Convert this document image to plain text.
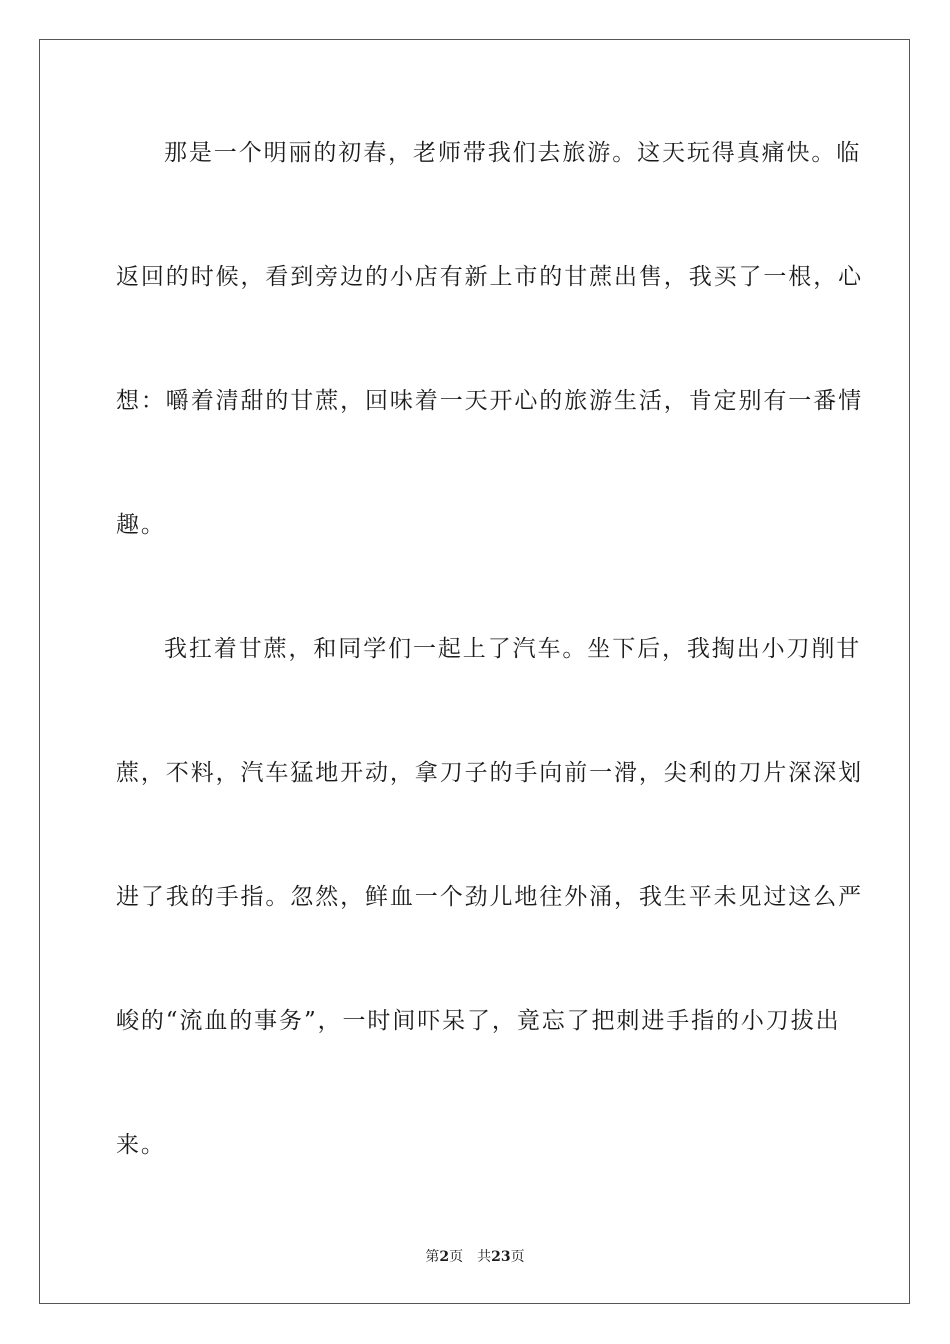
那是一个明丽的初春，老师带我们去旅游。这天玩得真痛快。临
返回的时候，看到旁边的小店有新上市的甘蔗出售，我买了一根，心
想：嚼着清甜的甘蔗，回味着一天开心的旅游生活，肯定别有一番情
趣。
我扛着甘蔗，和同学们一起上了汽车。坐下后，我掏出小刀削甘
蔗，不料，汽车猛地开动，拿刀子的手向前一滑，尖利的刀片深深划
进了我的手指。忽然，鲜血一个劲儿地往外涌，我生平未见过这么严
峻的“流血的事务”，一时间吓呆了，竟忘了把刺进手指的小刀拔出
来。
第2页 共23页
